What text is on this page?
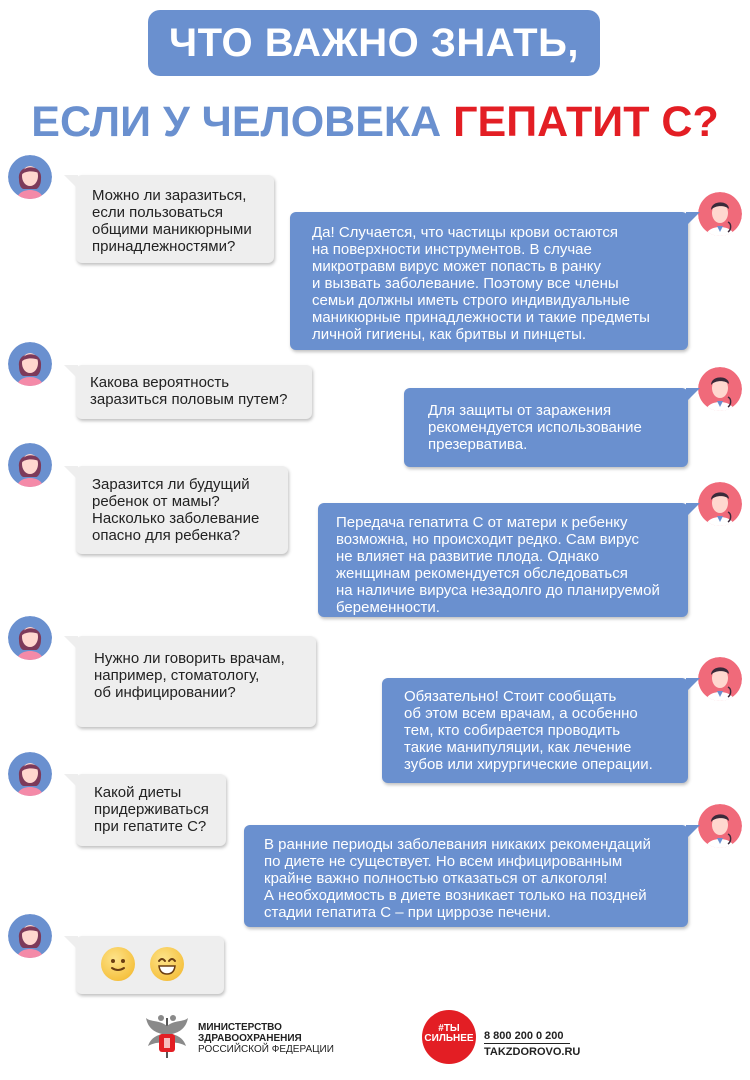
ЧТО ВАЖНО ЗНАТЬ,
ЕСЛИ У ЧЕЛОВЕКА ГЕПАТИТ С?
Можно ли заразиться,
если пользоваться
общими маникюрными
принадлежностями?
Да! Случается, что частицы крови остаются
на поверхности инструментов. В случае
микротравм вирус может попасть в ранку
и вызвать заболевание. Поэтому все члены
семьи должны иметь строго индивидуальные
маникюрные принадлежности и такие предметы
личной гигиены, как бритвы и пинцеты.
Какова вероятность
заразиться половым путем?
Для защиты от заражения
рекомендуется использование
презерватива.
Заразится ли будущий
ребенок от мамы?
Насколько заболевание
опасно для ребенка?
Передача гепатита С от матери к ребенку
возможна, но происходит редко. Сам вирус
не влияет на развитие плода. Однако
женщинам рекомендуется обследоваться
на наличие вируса незадолго до планируемой
беременности.
Нужно ли говорить врачам,
например, стоматологу,
об инфицировании?	Обязательно! Стоит сообщать
об этом всем врачам, а особенно
тем, кто собирается проводить
такие манипуляции, как лечение
зубов или хирургические операции.
Какой диеты
придерживаться
при гепатите С?
В ранние периоды заболевания никаких рекомендаций
по диете не существует. Но всем инфицированным
крайне важно полностью отказаться от алкоголя!
А необходимость в диете возникает только на поздней
стадии гепатита С – при циррозе печени.
МИНИСТЕРСТВО
ЗДРАВООХРАНЕНИЯ
РОССИЙСКОЙ ФЕДЕРАЦИИ
#ТЫ
СИЛЬНЕЕ 8 800 200 0 200
TAKZDOROVO.RU
